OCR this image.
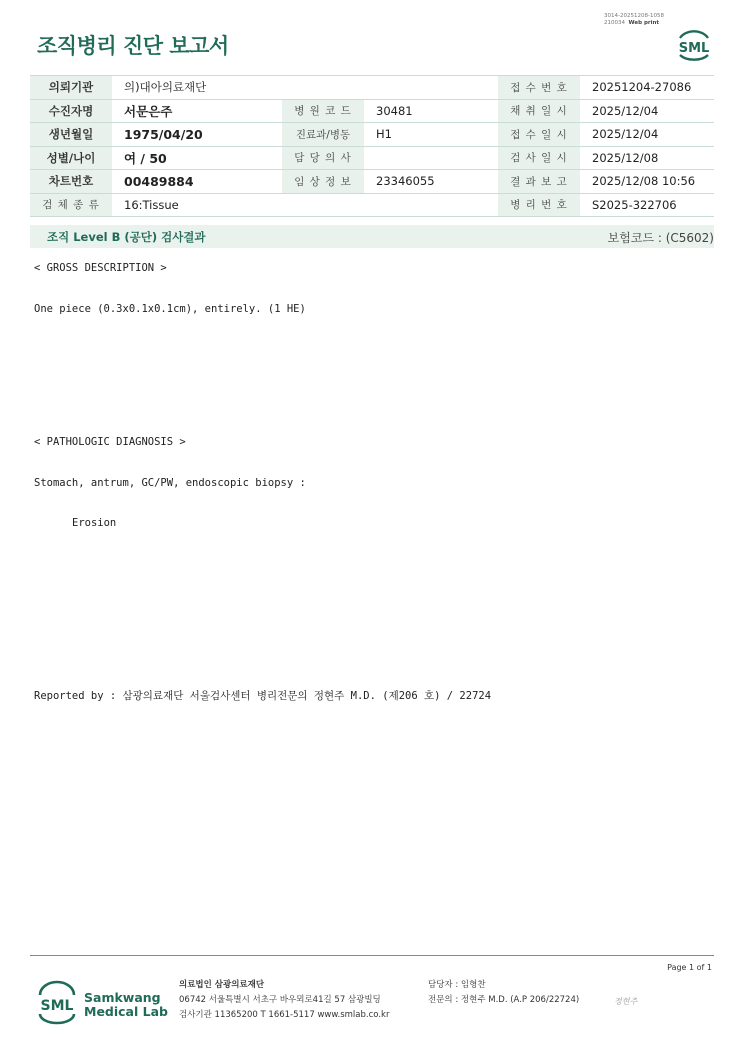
조직병리 진단 보고서
3014-20251208-1058
210034 Web print
SML
의뢰기관	의)대아의료재단			접 수 번 호	20251204-27086
수진자명	서문은주	병 원 코 드	30481	채 취 일 시	2025/12/04
생년월일	1975/04/20	진료과/병동	H1	접 수 일 시	2025/12/04
성별/나이	여 / 50	담 당 의 사		검 사 일 시	2025/12/08
차트번호	00489884	임 상 정 보	23346055	결 과 보 고	2025/12/08 10:56
검 체 종 류	16:Tissue			병 리 번 호	S2025-322706
조직 Level B (공단) 검사결과	보험코드 : (C5602)
< GROSS DESCRIPTION >
One piece (0.3x0.1x0.1cm), entirely. (1 HE)
< PATHOLOGIC DIAGNOSIS >
Stomach, antrum, GC/PW, endoscopic biopsy :
Erosion
Reported by : 삼광의료재단 서울검사센터 병리전문의 정현주 M.D. (제206 호) / 22724
Page 1 of 1
SML
Samkwang
Medical Lab
의료법인 삼광의료재단
06742 서울특별시 서초구 바우뫼로41길 57 삼광빌딩
검사기관 11365200 T 1661-5117 www.smlab.co.kr
담당자 : 임형찬
전문의 : 정현주 M.D. (A.P 206/22724)	정현주
